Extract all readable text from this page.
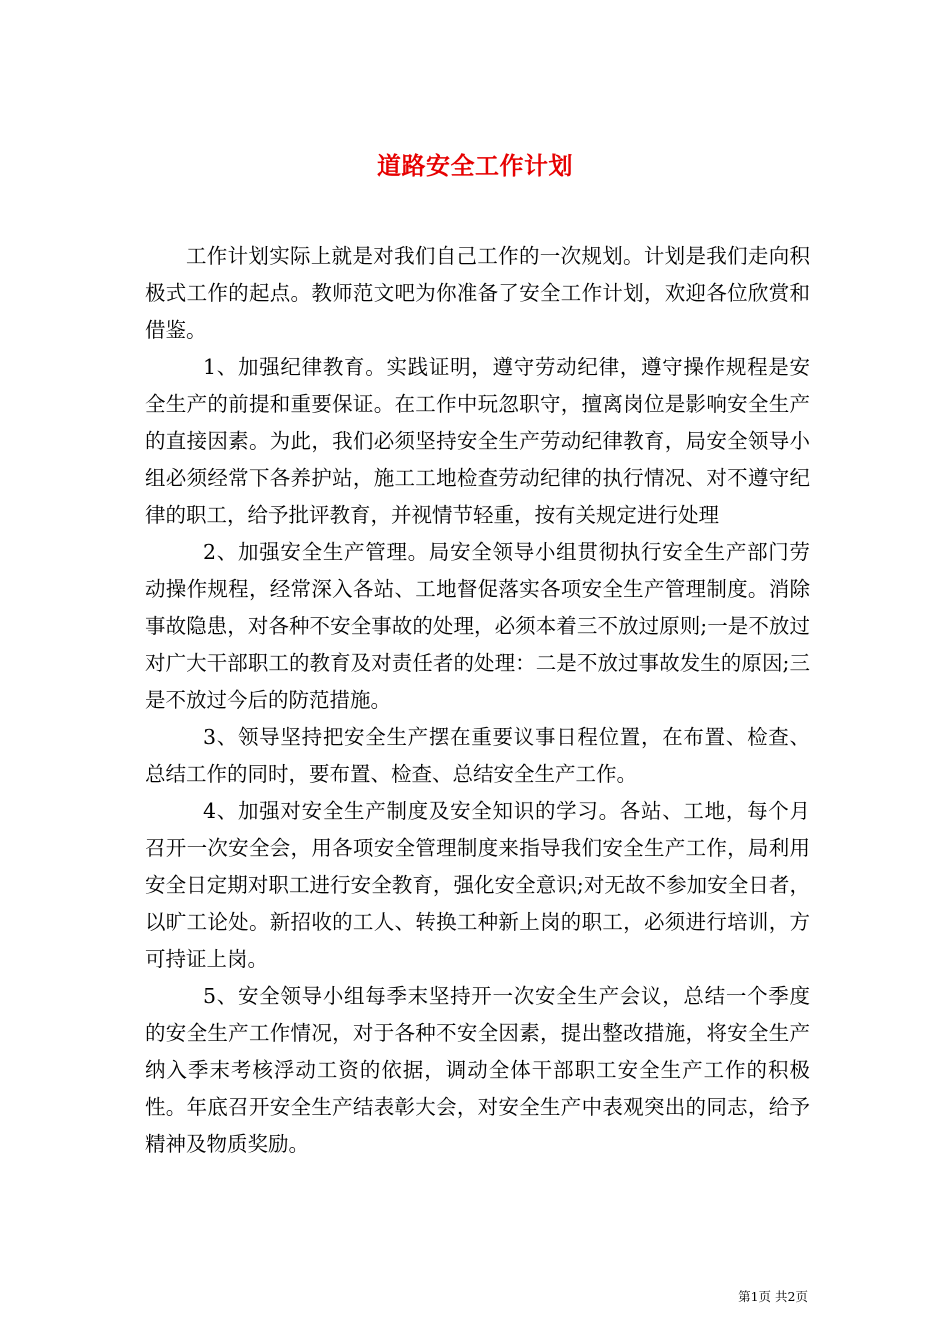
道路安全工作计划

工作计划实际上就是对我们自己工作的一次规划。计划是我们走向积极式工作的起点。教师范文吧为你准备了安全工作计划，欢迎各位欣赏和借鉴。

1、加强纪律教育。实践证明，遵守劳动纪律，遵守操作规程是安全生产的前提和重要保证。在工作中玩忽职守，擅离岗位是影响安全生产的直接因素。为此，我们必须坚持安全生产劳动纪律教育，局安全领导小组必须经常下各养护站，施工工地检查劳动纪律的执行情况、对不遵守纪律的职工，给予批评教育，并视情节轻重，按有关规定进行处理

2、加强安全生产管理。局安全领导小组贯彻执行安全生产部门劳动操作规程，经常深入各站、工地督促落实各项安全生产管理制度。消除事故隐患，对各种不安全事故的处理，必须本着三不放过原则;一是不放过对广大干部职工的教育及对责任者的处理：二是不放过事故发生的原因;三是不放过今后的防范措施。

3、领导坚持把安全生产摆在重要议事日程位置，在布置、检查、总结工作的同时，要布置、检查、总结安全生产工作。

4、加强对安全生产制度及安全知识的学习。各站、工地，每个月召开一次安全会，用各项安全管理制度来指导我们安全生产工作，局利用安全日定期对职工进行安全教育，强化安全意识;对无故不参加安全日者，以旷工论处。新招收的工人、转换工种新上岗的职工，必须进行培训，方可持证上岗。

5、安全领导小组每季末坚持开一次安全生产会议，总结一个季度的安全生产工作情况，对于各种不安全因素，提出整改措施，将安全生产纳入季末考核浮动工资的依据，调动全体干部职工安全生产工作的积极性。年底召开安全生产结表彰大会，对安全生产中表观突出的同志，给予精神及物质奖励。

第1页 共2页
